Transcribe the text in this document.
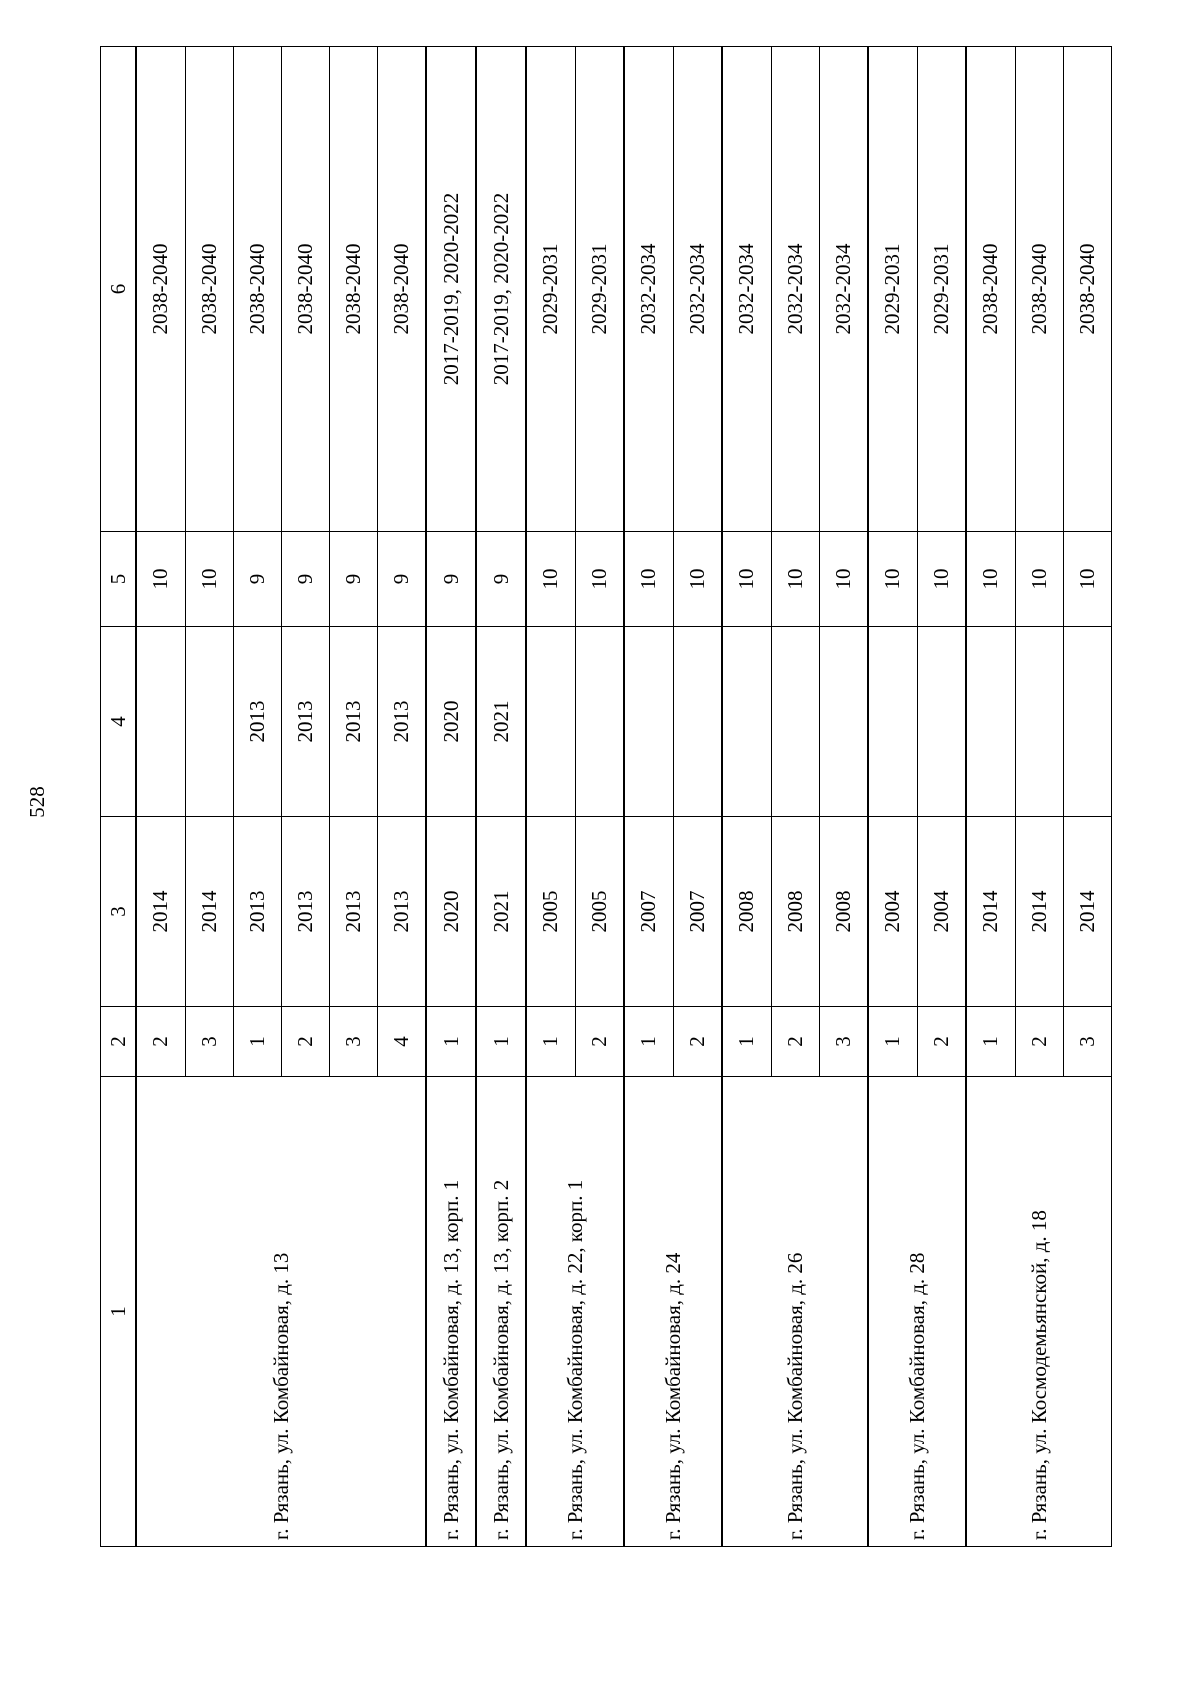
528
1	2	3	4	5	6
г. Рязань, ул. Комбайновая, д. 13	2	2014		10	2038-2040
	3	2014		10	2038-2040
	1	2013	2013	9	2038-2040
	2	2013	2013	9	2038-2040
	3	2013	2013	9	2038-2040
	4	2013	2013	9	2038-2040
г. Рязань, ул. Комбайновая, д. 13, корп. 1	1	2020	2020	9	2017-2019, 2020-2022
г. Рязань, ул. Комбайновая, д. 13, корп. 2	1	2021	2021	9	2017-2019, 2020-2022
г. Рязань, ул. Комбайновая, д. 22, корп. 1	1	2005		10	2029-2031
	2	2005		10	2029-2031
г. Рязань, ул. Комбайновая, д. 24	1	2007		10	2032-2034
	2	2007		10	2032-2034
г. Рязань, ул. Комбайновая, д. 26	1	2008		10	2032-2034
	2	2008		10	2032-2034
	3	2008		10	2032-2034
г. Рязань, ул. Комбайновая, д. 28	1	2004		10	2029-2031
	2	2004		10	2029-2031
г. Рязань, ул. Космодемьянской, д. 18	1	2014		10	2038-2040
	2	2014		10	2038-2040
	3	2014		10	2038-2040
